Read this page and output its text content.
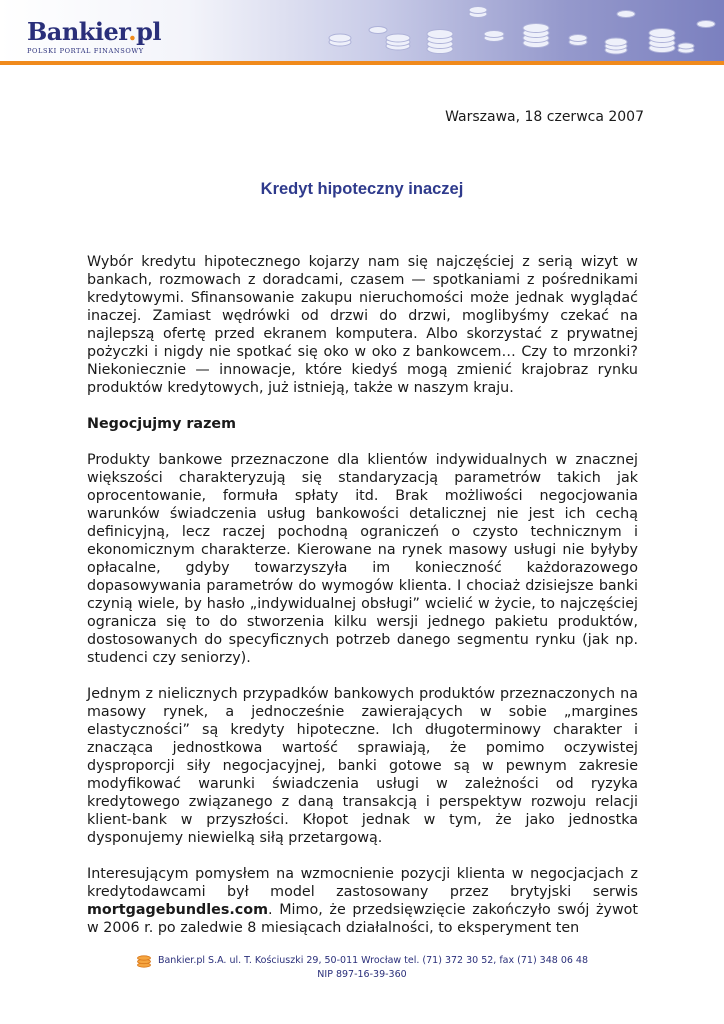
Bankier.pl
POLSKI PORTAL FINANSOWY
Warszawa, 18 czerwca 2007
Kredyt hipoteczny inaczej

Wybór kredytu hipotecznego kojarzy nam się najczęściej z serią wizyt w bankach, rozmowach z doradcami, czasem — spotkaniami z pośrednikami kredytowymi. Sfinansowanie zakupu nieruchomości może jednak wyglądać inaczej. Zamiast wędrówki od drzwi do drzwi, moglibyśmy czekać na najlepszą ofertę przed ekranem komputera. Albo skorzystać z prywatnej pożyczki i nigdy nie spotkać się oko w oko z bankowcem… Czy to mrzonki? Niekoniecznie — innowacje, które kiedyś mogą zmienić krajobraz rynku produktów kredytowych, już istnieją, także w naszym kraju.

Negocjujmy razem

Produkty bankowe przeznaczone dla klientów indywidualnych w znacznej większości charakteryzują się standaryzacją parametrów takich jak oprocentowanie, formuła spłaty itd. Brak możliwości negocjowania warunków świadczenia usług bankowości detalicznej nie jest ich cechą definicyjną, lecz raczej pochodną ograniczeń o czysto technicznym i ekonomicznym charakterze. Kierowane na rynek masowy usługi nie byłyby opłacalne, gdyby towarzyszyła im konieczność każdorazowego dopasowywania parametrów do wymogów klienta. I chociaż dzisiejsze banki czynią wiele, by hasło „indywidualnej obsługi” wcielić w życie, to najczęściej ogranicza się to do stworzenia kilku wersji jednego pakietu produktów, dostosowanych do specyficznych potrzeb danego segmentu rynku (jak np. studenci czy seniorzy).

Jednym z nielicznych przypadków bankowych produktów przeznaczonych na masowy rynek, a jednocześnie zawierających w sobie „margines elastyczności” są kredyty hipoteczne. Ich długoterminowy charakter i znacząca jednostkowa wartość sprawiają, że pomimo oczywistej dysproporcji siły negocjacyjnej, banki gotowe są w pewnym zakresie modyfikować warunki świadczenia usługi w zależności od ryzyka kredytowego związanego z daną transakcją i perspektyw rozwoju relacji klient-bank w przyszłości. Kłopot jednak w tym, że jako jednostka dysponujemy niewielką siłą przetargową.

Interesującym pomysłem na wzmocnienie pozycji klienta w negocjacjach z kredytodawcami był model zastosowany przez brytyjski serwis mortgagebundles.com. Mimo, że przedsięwzięcie zakończyło swój żywot w 2006 r. po zaledwie 8 miesiącach działalności, to eksperyment ten

Bankier.pl S.A. ul. T. Kościuszki 29, 50-011 Wrocław tel. (71) 372 30 52, fax (71) 348 06 48
NIP 897-16-39-360
